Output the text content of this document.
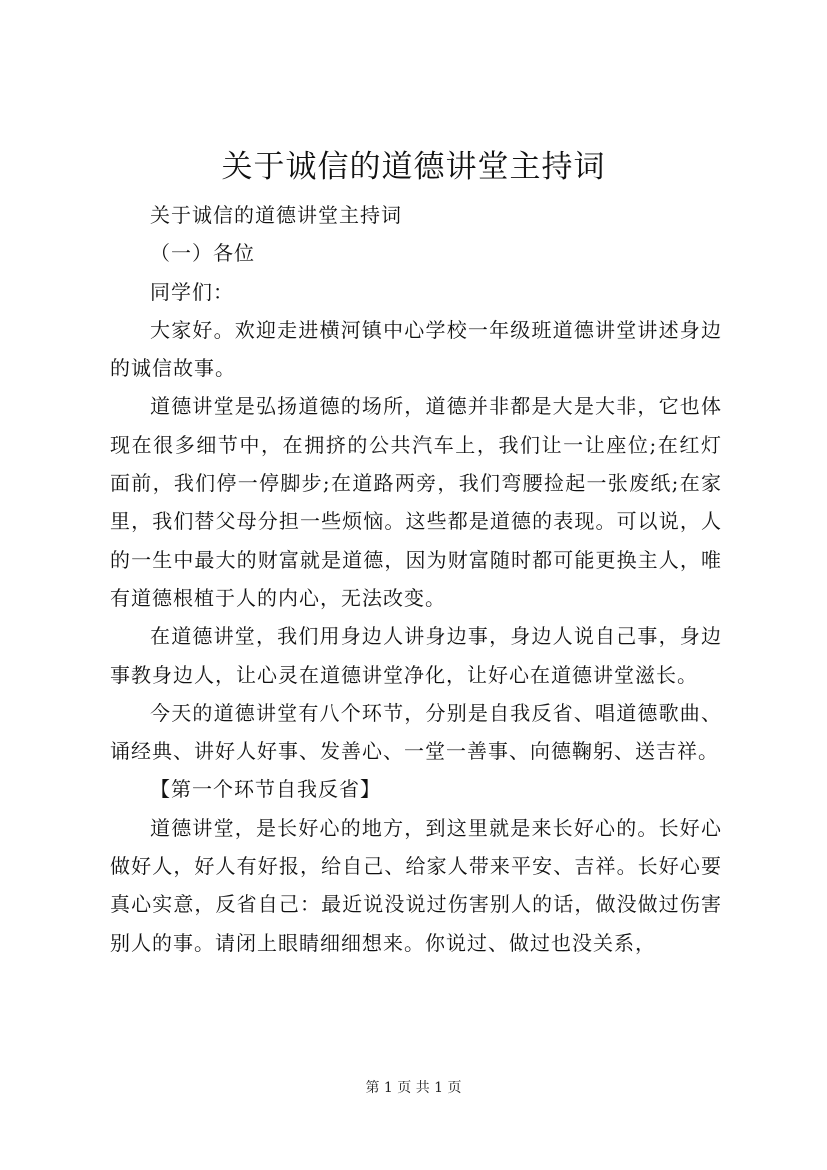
关于诚信的道德讲堂主持词

关于诚信的道德讲堂主持词

（一）各位

同学们：

大家好。欢迎走进横河镇中心学校一年级班道德讲堂讲述身边的诚信故事。

道德讲堂是弘扬道德的场所，道德并非都是大是大非，它也体现在很多细节中，在拥挤的公共汽车上，我们让一让座位;在红灯面前，我们停一停脚步;在道路两旁，我们弯腰捡起一张废纸;在家里，我们替父母分担一些烦恼。这些都是道德的表现。可以说，人的一生中最大的财富就是道德，因为财富随时都可能更换主人，唯有道德根植于人的内心，无法改变。

在道德讲堂，我们用身边人讲身边事，身边人说自己事，身边事教身边人，让心灵在道德讲堂净化，让好心在道德讲堂滋长。

今天的道德讲堂有八个环节，分别是自我反省、唱道德歌曲、诵经典、讲好人好事、发善心、一堂一善事、向德鞠躬、送吉祥。

【第一个环节自我反省】

道德讲堂，是长好心的地方，到这里就是来长好心的。长好心做好人，好人有好报，给自己、给家人带来平安、吉祥。长好心要真心实意，反省自己：最近说没说过伤害别人的话，做没做过伤害别人的事。请闭上眼睛细细想来。你说过、做过也没关系，

第 1 页 共 1 页
